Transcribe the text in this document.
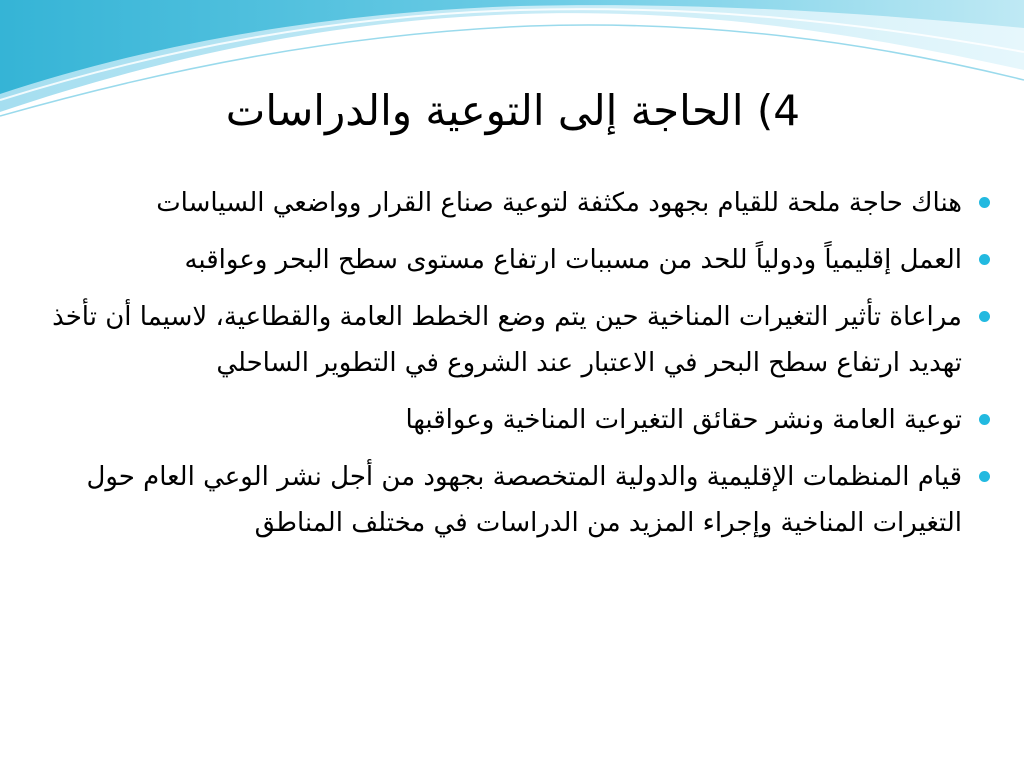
4) الحاجة إلى التوعية والدراسات
هناك حاجة ملحة للقيام بجهود مكثفة لتوعية صناع القرار وواضعي السياسات
العمل إقليمياً ودولياً للحد من مسببات ارتفاع مستوى سطح البحر وعواقبه
مراعاة تأثير التغيرات المناخية حين يتم وضع الخطط العامة والقطاعية، لاسيما أن تأخذ تهديد ارتفاع سطح البحر في الاعتبار عند الشروع في التطوير الساحلي
توعية العامة ونشر حقائق التغيرات المناخية وعواقبها
قيام المنظمات الإقليمية والدولية المتخصصة بجهود من أجل نشر الوعي العام حول التغيرات المناخية وإجراء المزيد من الدراسات في مختلف المناطق
